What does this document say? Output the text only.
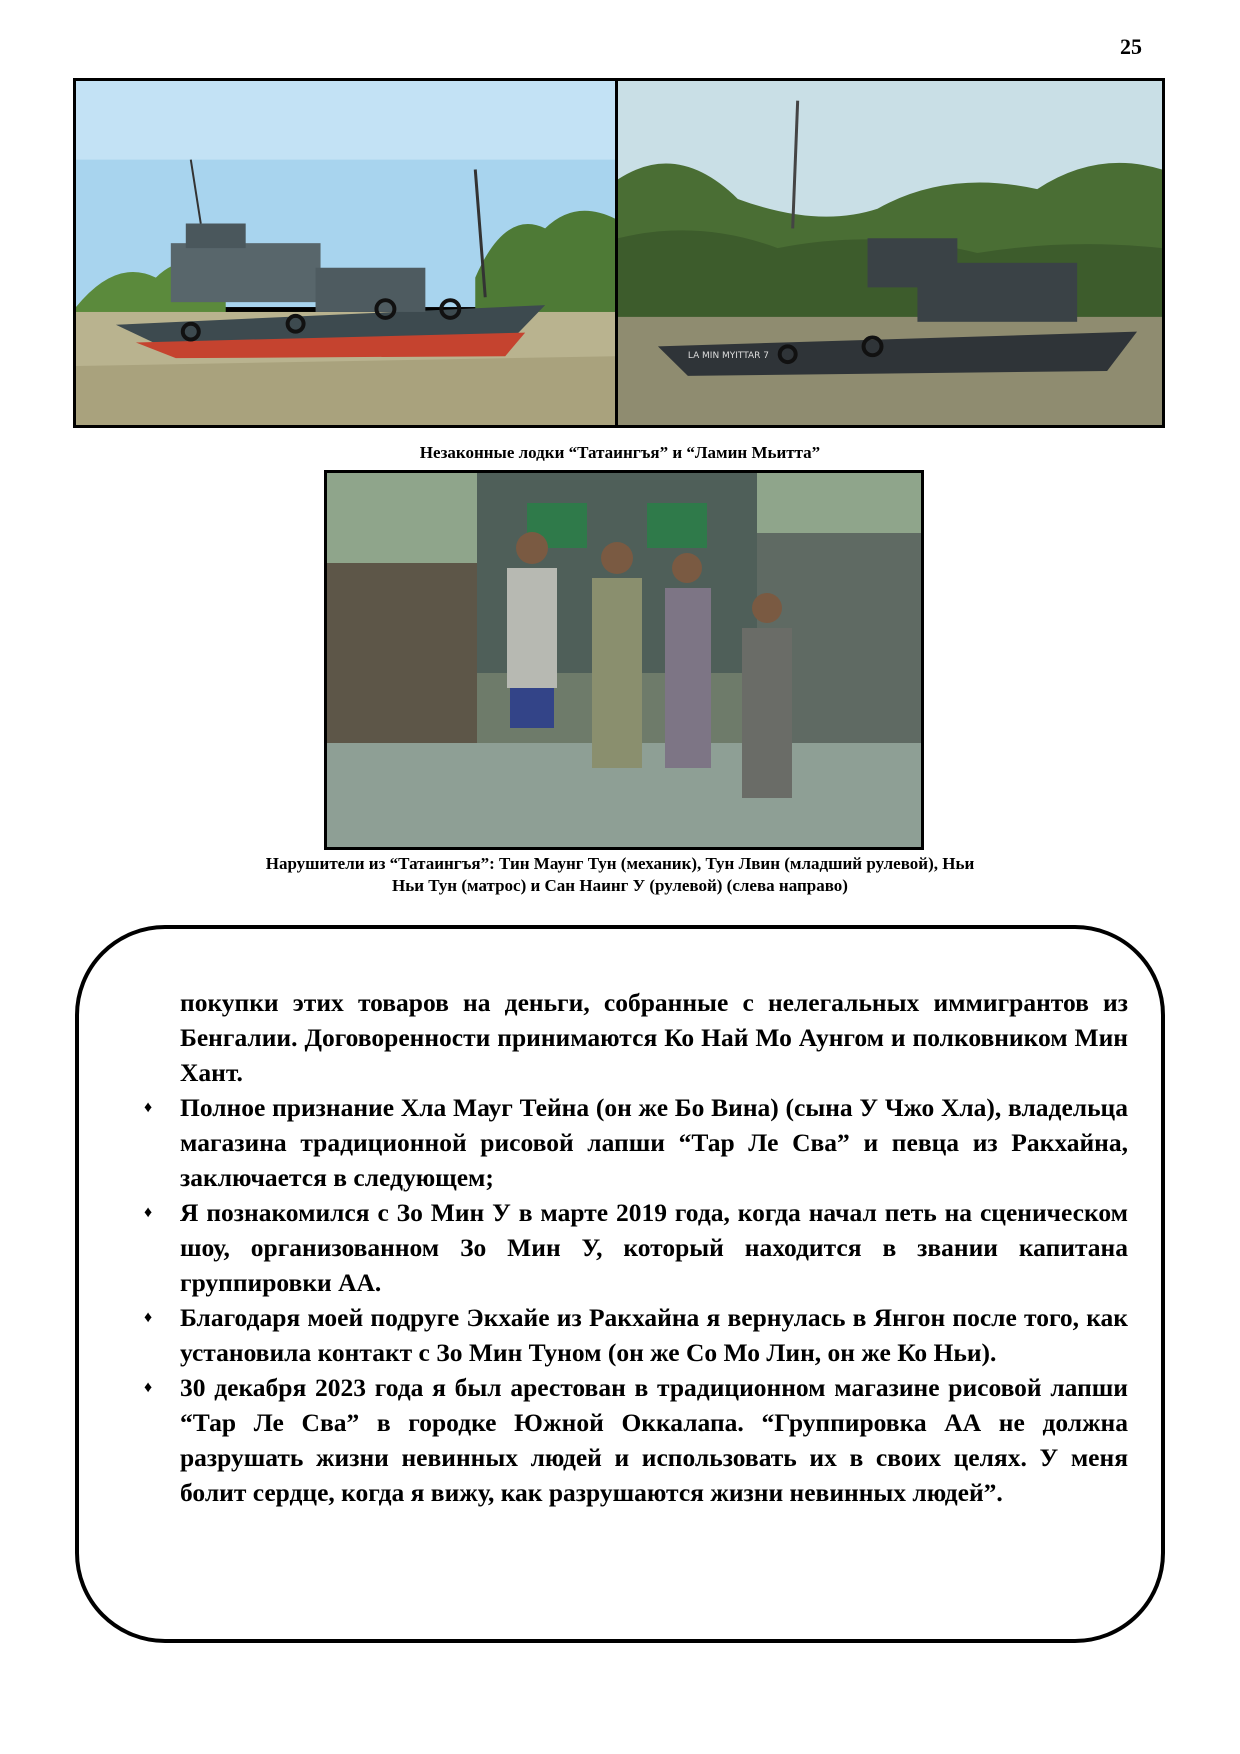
25
LA MIN MYITTAR 7
Незаконные лодки “Татаингъя” и “Ламин Мьитта”
Нарушители из “Татаингъя”: Тин Маунг Тун (механик), Тун Лвин (младший рулевой), Ньи
Ньи Тун (матрос) и Сан Наинг У (рулевой) (слева направо)

покупки этих товаров на деньги, собранные с нелегальных иммигрантов из Бенгалии. Договоренности принимаются Ко Най Мо Аунгом и полковником Мин Хант.

♦ Полное признание Хла Мауг Тейна (он же Бо Вина) (сына У Чжо Хла), владельца магазина традиционной рисовой лапши “Тар Ле Сва” и певца из Ракхайна, заключается в следующем;
♦ Я познакомился с Зо Мин У в марте 2019 года, когда начал петь на сценическом шоу, организованном Зо Мин У, который находится в звании капитана группировки АА.
♦ Благодаря моей подруге Экхайе из Ракхайна я вернулась в Янгон после того, как установила контакт с Зо Мин Туном (он же Со Мо Лин, он же Ко Ньи).
♦ 30 декабря 2023 года я был арестован в традиционном магазине рисовой лапши “Тар Ле Сва” в городке Южной Оккалапа. “Группировка АА не должна разрушать жизни невинных людей и использовать их в своих целях. У меня болит сердце, когда я вижу, как разрушаются жизни невинных людей”.
